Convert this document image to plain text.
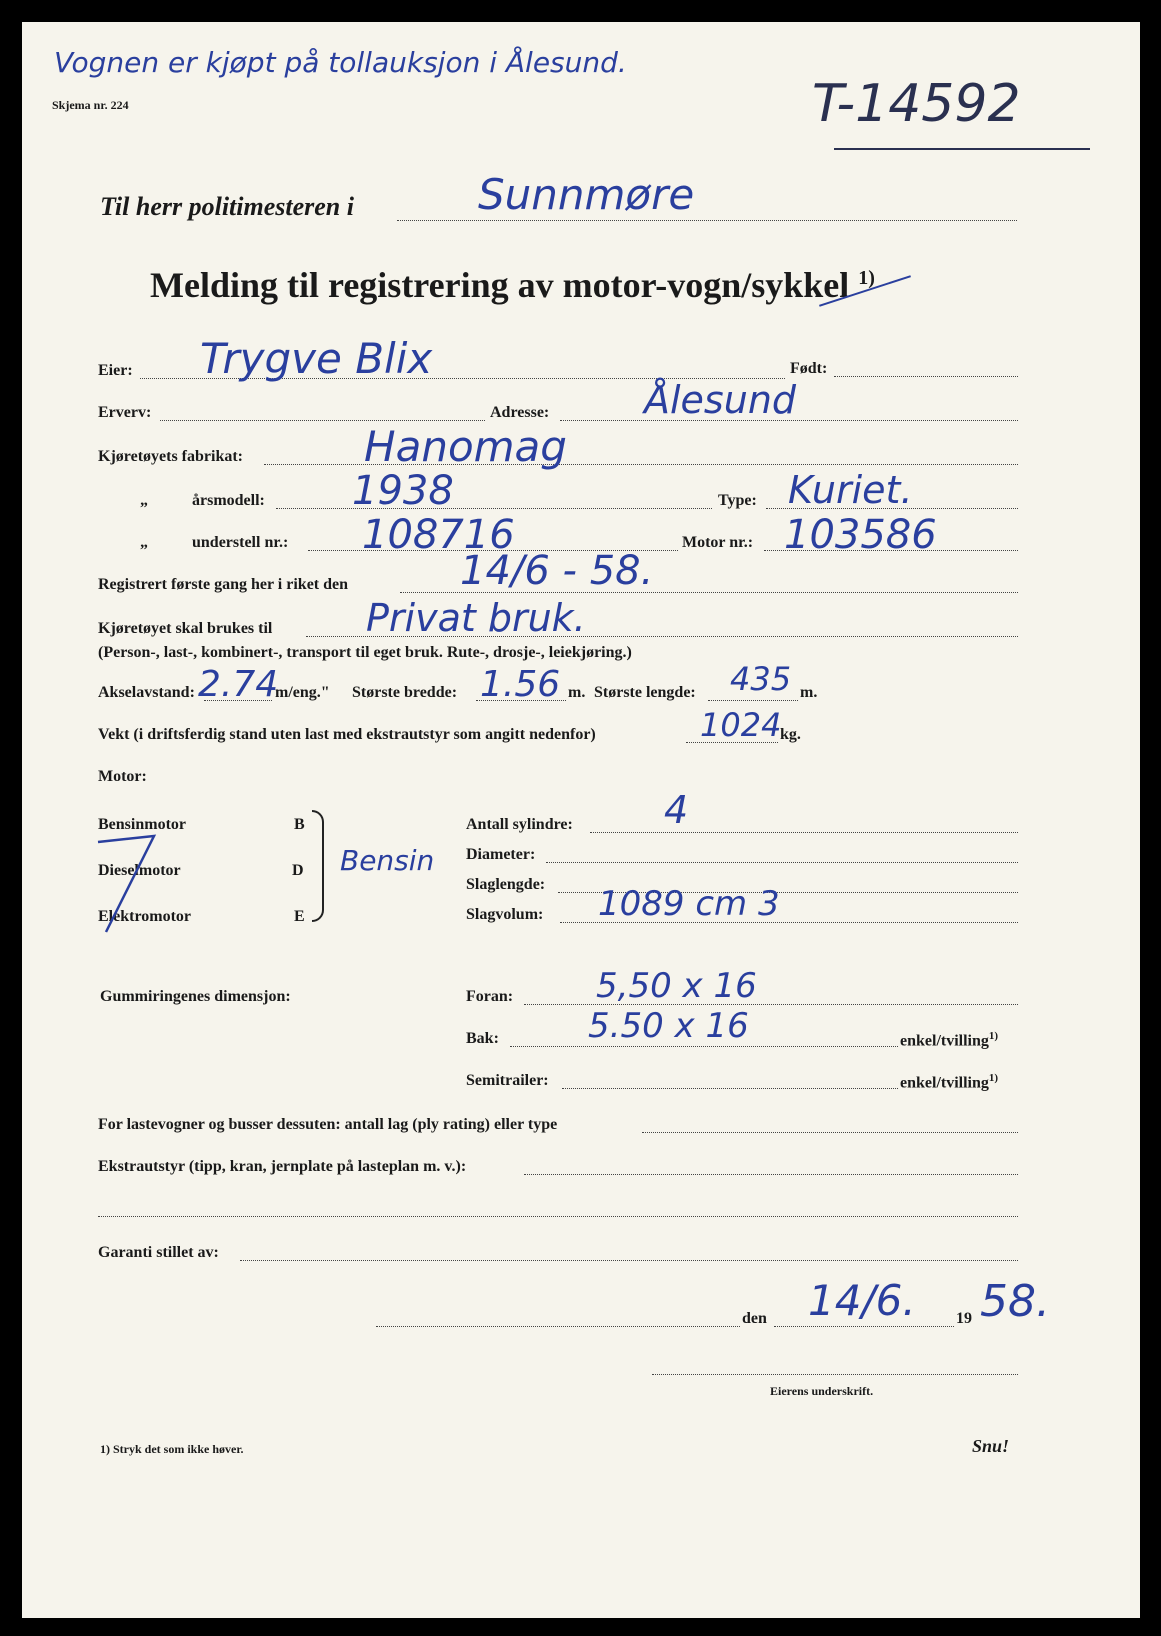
Vognen er kjøpt på tollauksjon i Ålesund.
T-14592
Skjema nr. 224
Til herr politimesteren i	Sunnmøre
Melding til registrering av motor-vogn/sykkel $^{1)}$
Eier: Trygve Blix	Født:
Erverv:	Adresse: Ålesund
Kjøretøyets fabrikat:	Hanomag
„	årsmodell: 1938	Type: Kuriet.
„	understell nr.: 108716	Motor nr.: 103586
Registrert første gang her i riket den	14/6 - 58.
Kjøretøyet skal brukes til Privat bruk.
(Person-, last-, kombinert-, transport til eget bruk. Rute-, drosje-, leiekjøring.)
Akselavstand: 2.74
m/eng." Største bredde: 1.56 m. Største lengde: 435 m.
Vekt (i driftsferdig stand uten last med ekstrautstyr som angitt nedenfor)	1024
kg.
Motor:
Bensinmotor	B
Dieselmotor	D
Elektromotor	E
Bensin
Antall sylindre: 4
Diameter:
Slaglengde:
Slagvolum: 1089 cm 3
Gummiringenes dimensjon:	Foran: 5,50 x 16
Bak:	5.50 x 16	enkel/tvilling$^{1)}$
Semitrailer:	enkel/tvilling$^{1)}$
For lastevogner og busser dessuten: antall lag (ply rating) eller type
Ekstrautstyr (tipp, kran, jernplate på lasteplan m. v.):
Garanti stillet av:
den 14/6.	19 58.
Eierens underskrift.
1) Stryk det som ikke høver.	Snu!
